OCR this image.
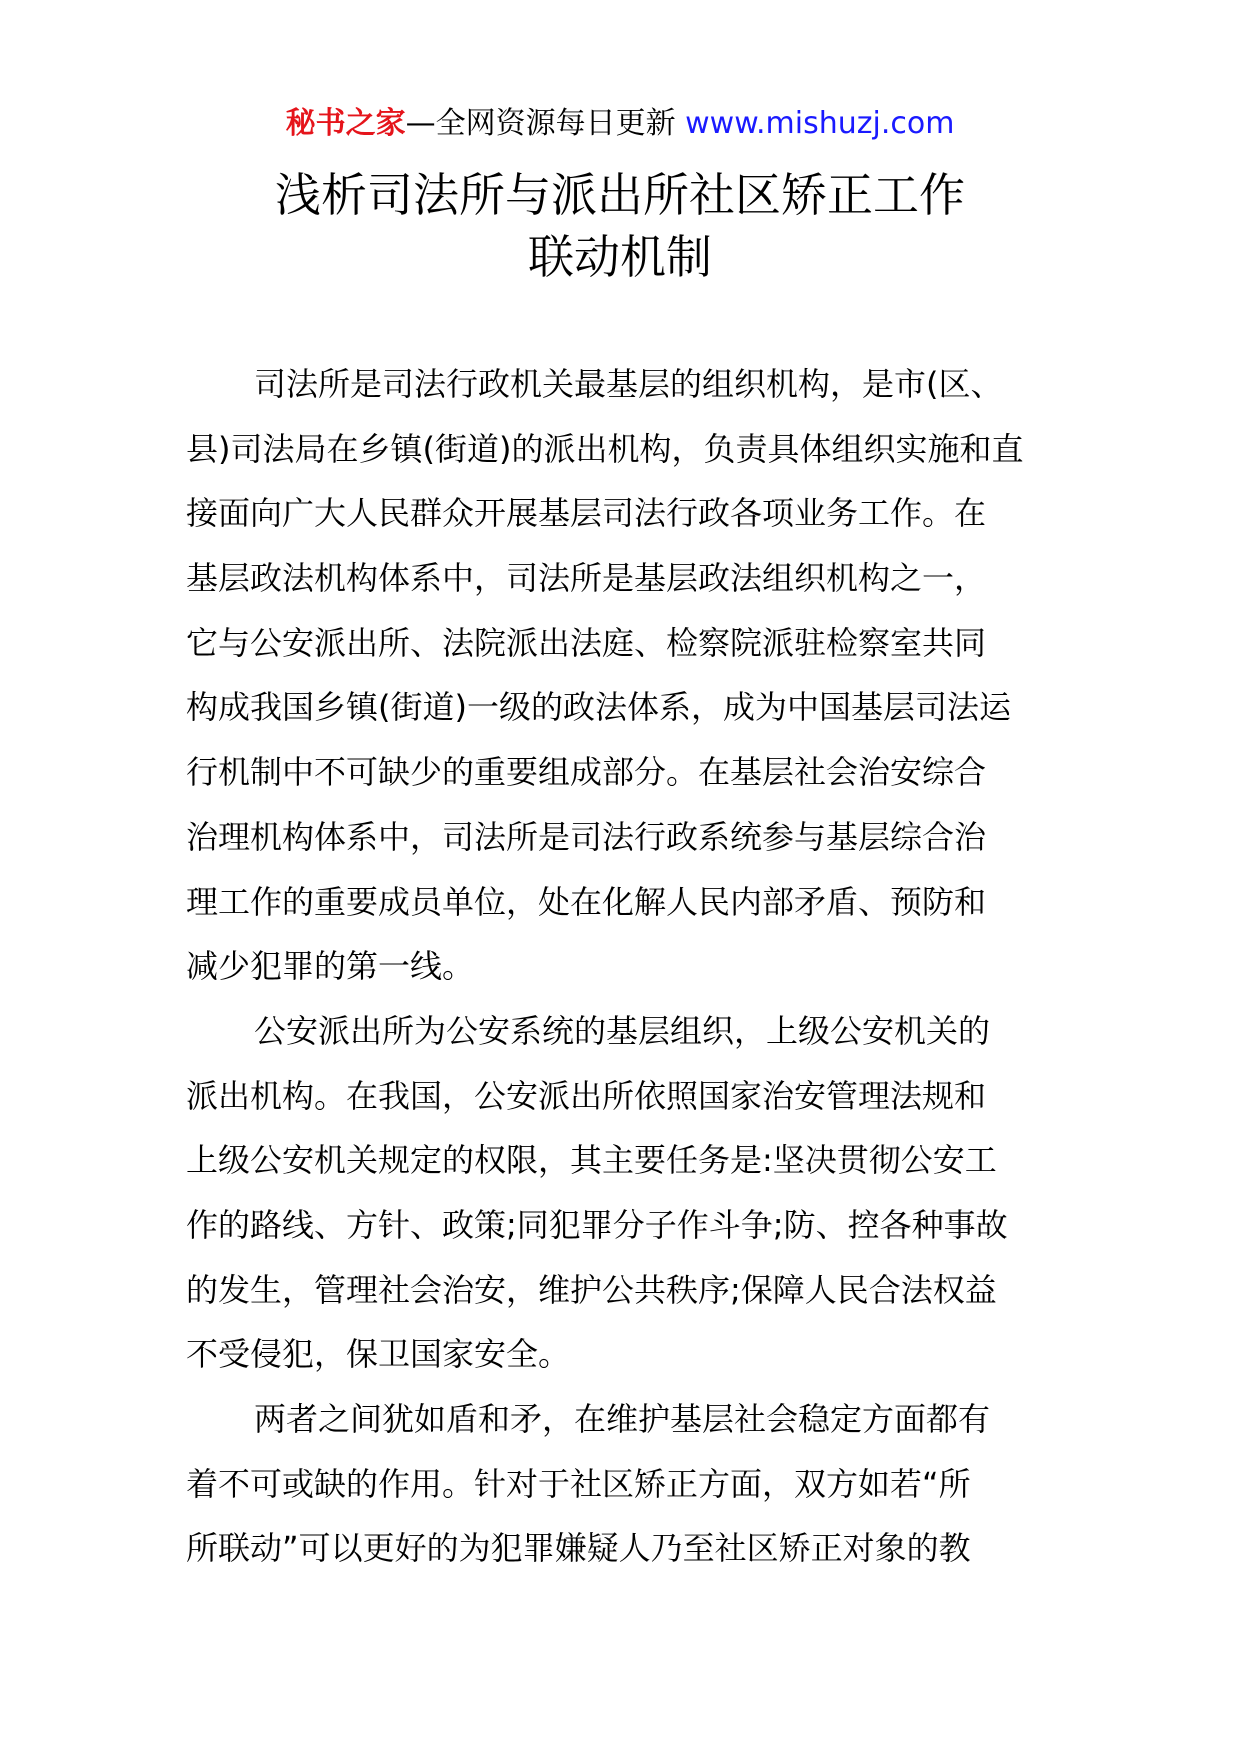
秘书之家—全网资源每日更新 www.mishuzj.com
浅析司法所与派出所社区矫正工作
联动机制
司法所是司法行政机关最基层的组织机构，是市(区、
县)司法局在乡镇(街道)的派出机构，负责具体组织实施和直
接面向广大人民群众开展基层司法行政各项业务工作。在
基层政法机构体系中，司法所是基层政法组织机构之一，
它与公安派出所、法院派出法庭、检察院派驻检察室共同
构成我国乡镇(街道)一级的政法体系，成为中国基层司法运
行机制中不可缺少的重要组成部分。在基层社会治安综合
治理机构体系中，司法所是司法行政系统参与基层综合治
理工作的重要成员单位，处在化解人民内部矛盾、预防和
减少犯罪的第一线。
公安派出所为公安系统的基层组织，上级公安机关的
派出机构。在我国，公安派出所依照国家治安管理法规和
上级公安机关规定的权限，其主要任务是:坚决贯彻公安工
作的路线、方针、政策;同犯罪分子作斗争;防、控各种事故
的发生，管理社会治安，维护公共秩序;保障人民合法权益
不受侵犯，保卫国家安全。
两者之间犹如盾和矛，在维护基层社会稳定方面都有
着不可或缺的作用。针对于社区矫正方面，双方如若“所
所联动”可以更好的为犯罪嫌疑人乃至社区矫正对象的教
